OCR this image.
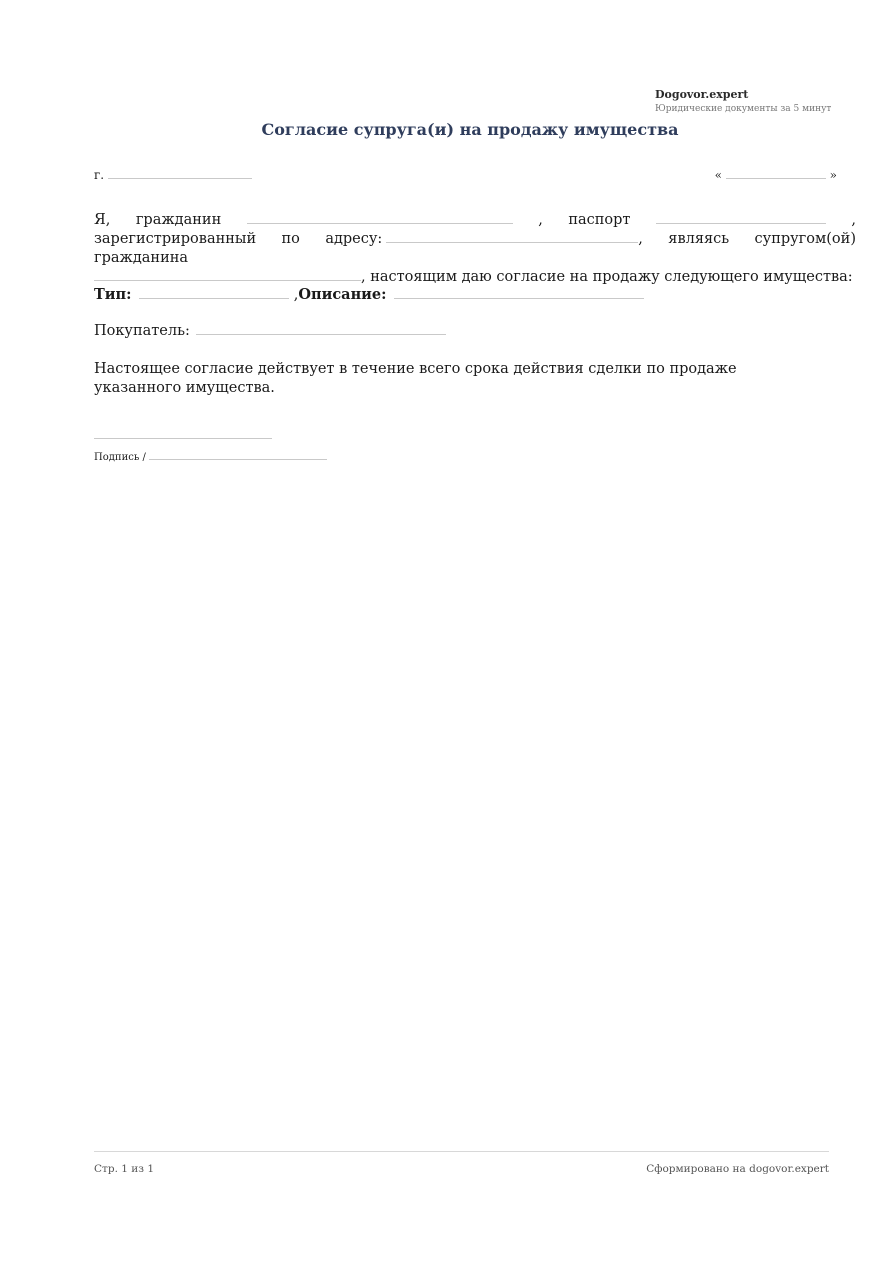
Dogovor.expert
Юридические документы за 5 минут
Согласие супруга(и) на продажу имущества
г.	«	»
Я, гражданин	, паспорт	,
зарегистрированный по адресу:	, являясь супругом(ой) гражданина
, настоящим даю согласие на продажу следующего имущества:
Тип:	,Описание:
Покупатель:
Настоящее согласие действует в течение всего срока действия сделки по продаже указанного имущества.
Подпись /
Стр. 1 из 1	Сформировано на dogovor.expert
